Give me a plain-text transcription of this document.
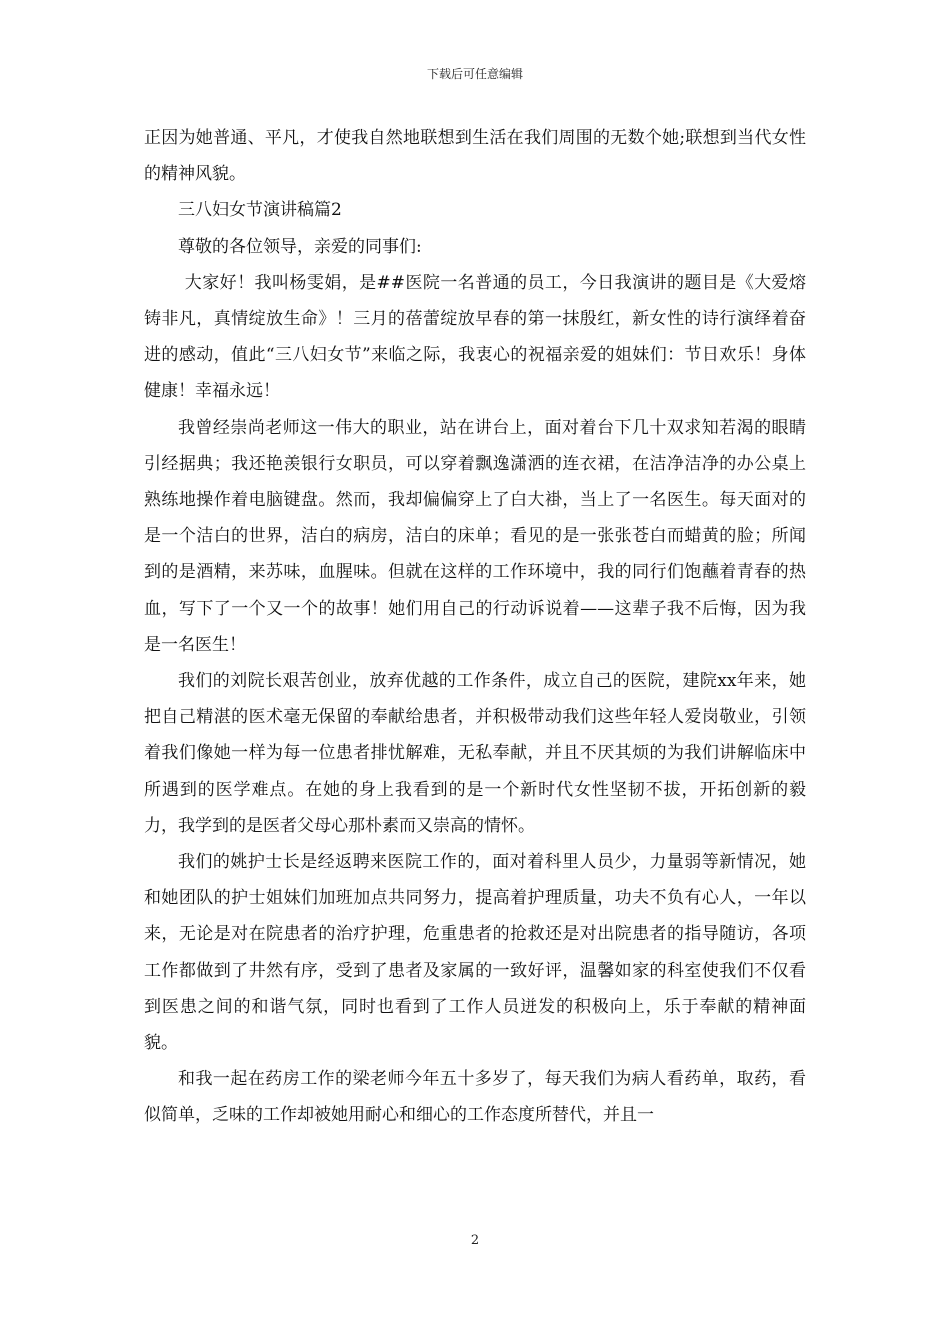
下载后可任意编辑

正因为她普通、平凡，才使我自然地联想到生活在我们周围的无数个她;联想到当代女性的精神风貌。

三八妇女节演讲稿篇2

尊敬的各位领导，亲爱的同事们:

大家好！我叫杨雯娟，是##医院一名普通的员工，今日我演讲的题目是《大爱熔铸非凡，真情绽放生命》！三月的蓓蕾绽放早春的第一抹殷红，新女性的诗行演绎着奋进的感动，值此“三八妇女节”来临之际，我衷心的祝福亲爱的姐妹们：节日欢乐！身体健康！幸福永远！

我曾经崇尚老师这一伟大的职业，站在讲台上，面对着台下几十双求知若渴的眼睛引经据典；我还艳羡银行女职员，可以穿着飘逸潇洒的连衣裙，在洁净洁净的办公桌上熟练地操作着电脑键盘。然而，我却偏偏穿上了白大褂，当上了一名医生。每天面对的是一个洁白的世界，洁白的病房，洁白的床单；看见的是一张张苍白而蜡黄的脸；所闻到的是酒精，来苏味，血腥味。但就在这样的工作环境中，我的同行们饱蘸着青春的热血，写下了一个又一个的故事！她们用自己的行动诉说着——这辈子我不后悔，因为我是一名医生！

我们的刘院长艰苦创业，放弃优越的工作条件，成立自己的医院，建院xx年来，她把自己精湛的医术毫无保留的奉献给患者，并积极带动我们这些年轻人爱岗敬业，引领着我们像她一样为每一位患者排忧解难，无私奉献，并且不厌其烦的为我们讲解临床中所遇到的医学难点。在她的身上我看到的是一个新时代女性坚韧不拔，开拓创新的毅力，我学到的是医者父母心那朴素而又崇高的情怀。

我们的姚护士长是经返聘来医院工作的，面对着科里人员少，力量弱等新情况，她和她团队的护士姐妹们加班加点共同努力，提高着护理质量，功夫不负有心人，一年以来，无论是对在院患者的治疗护理，危重患者的抢救还是对出院患者的指导随访，各项工作都做到了井然有序，受到了患者及家属的一致好评，温馨如家的科室使我们不仅看到医患之间的和谐气氛，同时也看到了工作人员迸发的积极向上，乐于奉献的精神面貌。

和我一起在药房工作的梁老师今年五十多岁了，每天我们为病人看药单，取药，看似简单，乏味的工作却被她用耐心和细心的工作态度所替代，并且一

2
